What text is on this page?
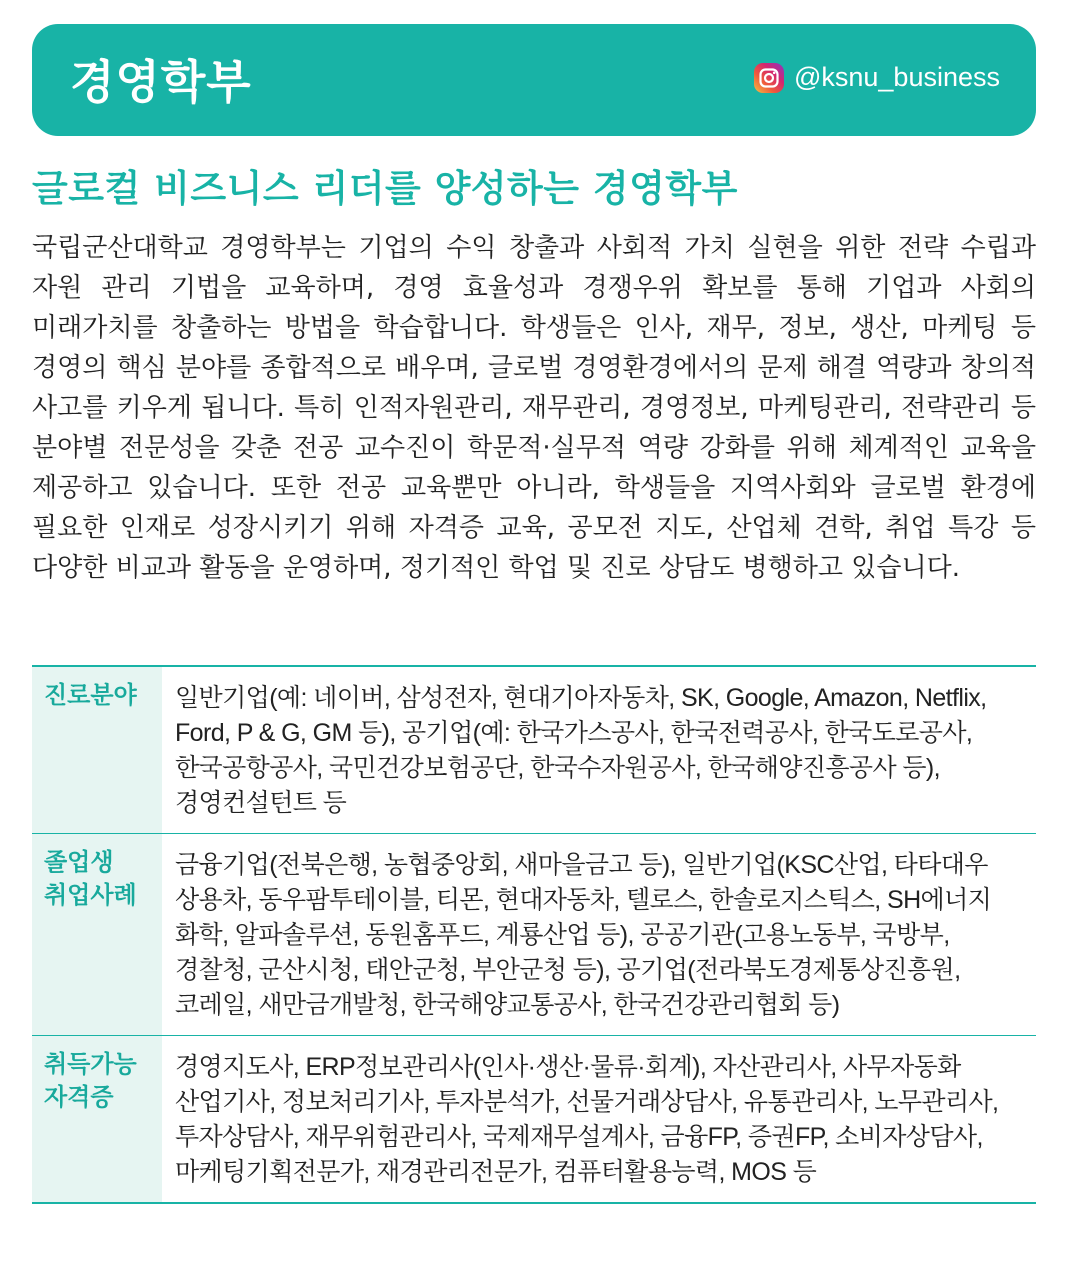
경영학부	@ksnu_business
글로컬 비즈니스 리더를 양성하는 경영학부

국립군산대학교 경영학부는 기업의 수익 창출과 사회적 가치 실현을 위한 전략 수립과 자원 관리 기법을 교육하며, 경영 효율성과 경쟁우위 확보를 통해 기업과 사회의 미래가치를 창출하는 방법을 학습합니다. 학생들은 인사, 재무, 정보, 생산, 마케팅 등 경영의 핵심 분야를 종합적으로 배우며, 글로벌 경영환경에서의 문제 해결 역량과 창의적 사고를 키우게 됩니다. 특히 인적자원관리, 재무관리, 경영정보, 마케팅관리, 전략관리 등 분야별 전문성을 갖춘 전공 교수진이 학문적·실무적 역량 강화를 위해 체계적인 교육을 제공하고 있습니다. 또한 전공 교육뿐만 아니라, 학생들을 지역사회와 글로벌 환경에 필요한 인재로 성장시키기 위해 자격증 교육, 공모전 지도, 산업체 견학, 취업 특강 등 다양한 비교과 활동을 운영하며, 정기적인 학업 및 진로 상담도 병행하고 있습니다.

진로분야	일반기업(예: 네이버, 삼성전자, 현대기아자동차, SK, Google, Amazon, Netflix,
Ford, P & G, GM 등), 공기업(예: 한국가스공사, 한국전력공사, 한국도로공사,
한국공항공사, 국민건강보험공단, 한국수자원공사, 한국해양진흥공사 등),
경영컨설턴트 등
졸업생
취업사례
금융기업(전북은행, 농협중앙회, 새마을금고 등), 일반기업(KSC산업, 타타대우
상용차, 동우팜투테이블, 티몬, 현대자동차, 텔로스, 한솔로지스틱스, SH에너지
화학, 알파솔루션, 동원홈푸드, 계룡산업 등), 공공기관(고용노동부, 국방부,
경찰청, 군산시청, 태안군청, 부안군청 등), 공기업(전라북도경제통상진흥원,
코레일, 새만금개발청, 한국해양교통공사, 한국건강관리협회 등)
취득가능
자격증
경영지도사, ERP정보관리사(인사·생산·물류·회계), 자산관리사, 사무자동화
산업기사, 정보처리기사, 투자분석가, 선물거래상담사, 유통관리사, 노무관리사,
투자상담사, 재무위험관리사, 국제재무설계사, 금융FP, 증권FP, 소비자상담사,
마케팅기획전문가, 재경관리전문가, 컴퓨터활용능력, MOS 등
